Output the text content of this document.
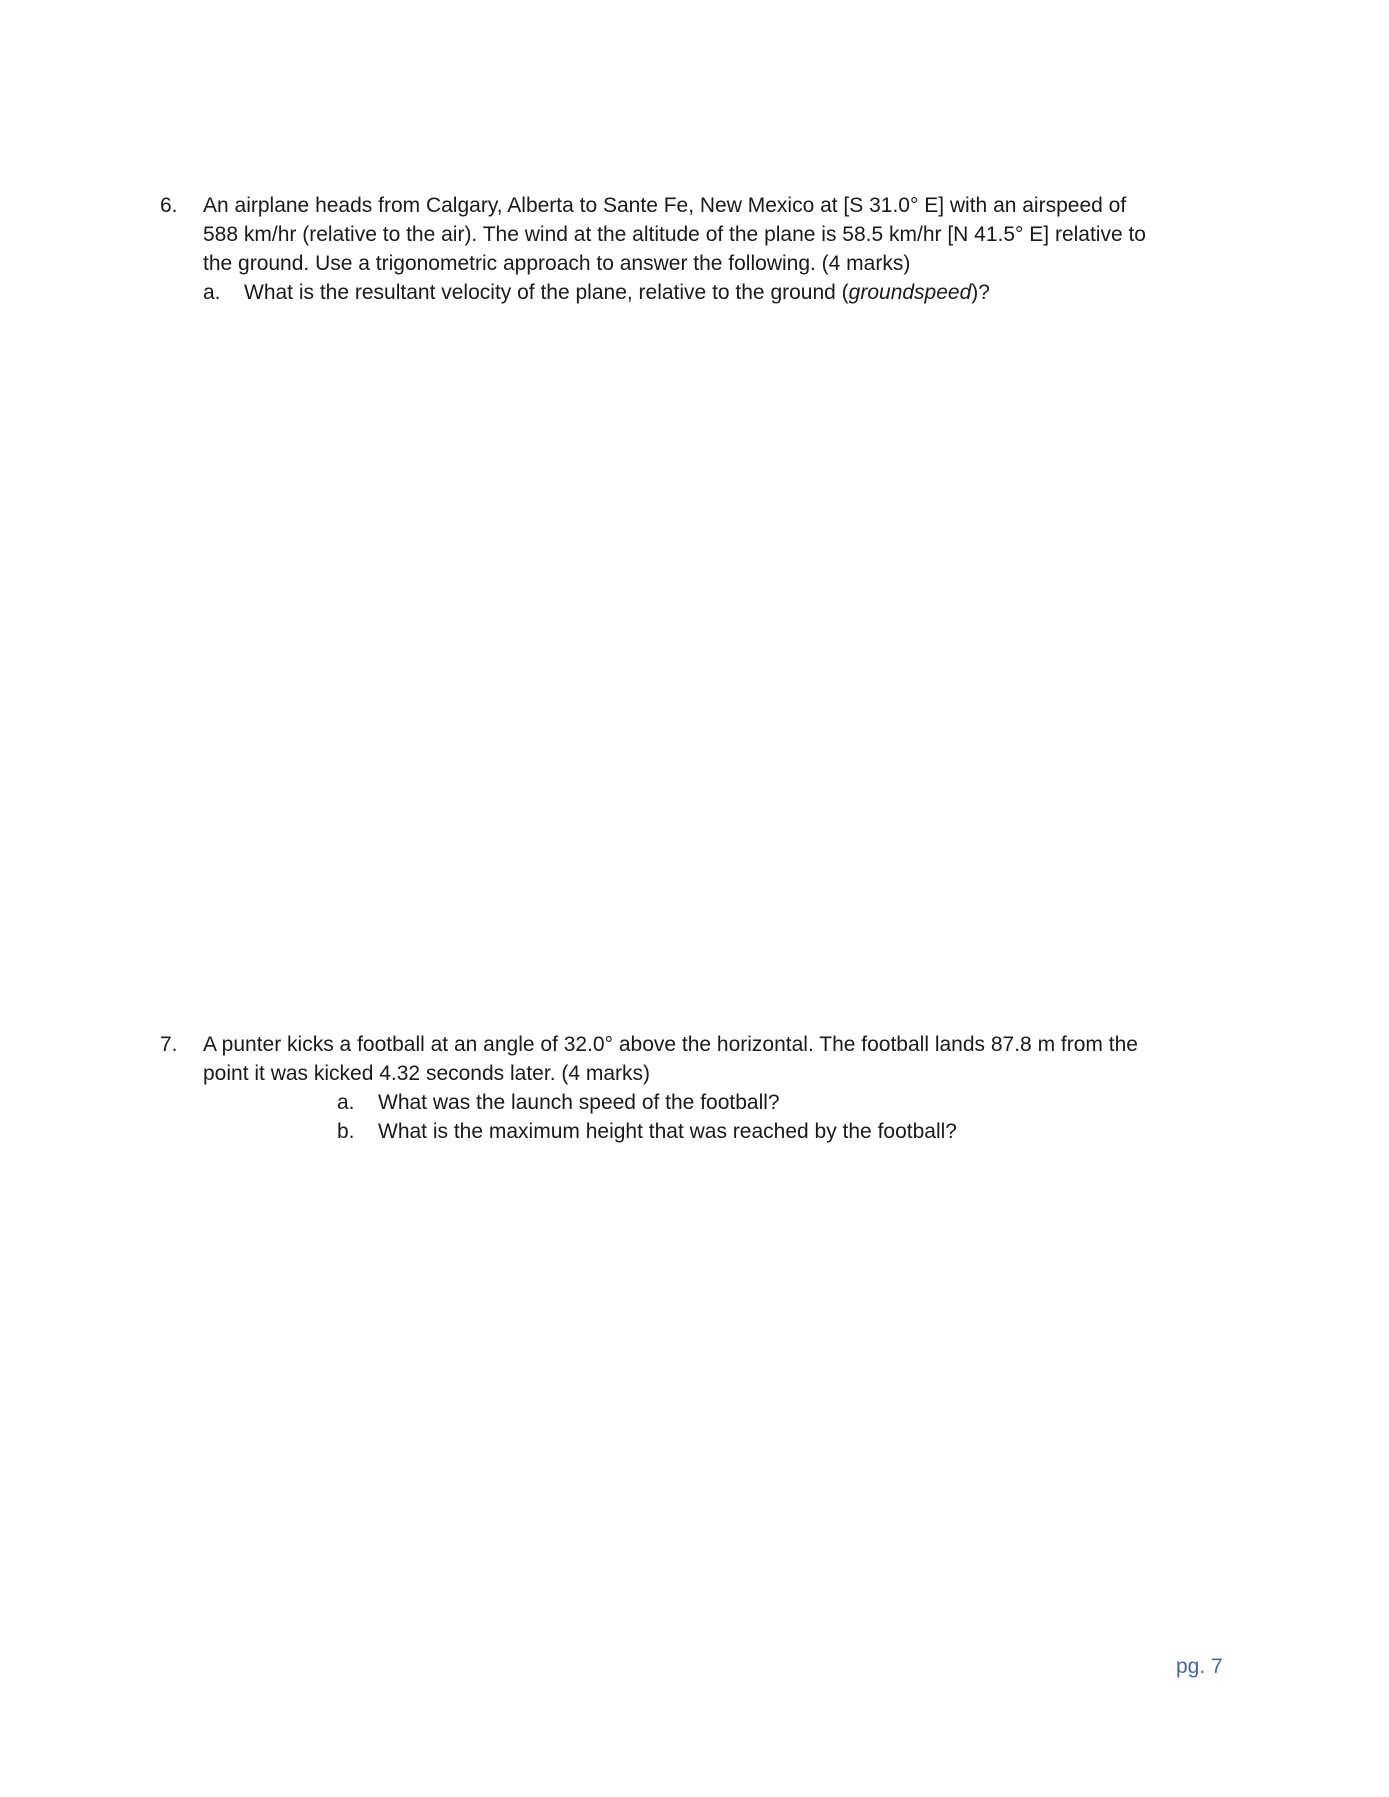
6.	An airplane heads from Calgary, Alberta to Sante Fe, New Mexico at [S 31.0° E] with an airspeed of
588 km/hr (relative to the air). The wind at the altitude of the plane is 58.5 km/hr [N 41.5° E] relative to
the ground. Use a trigonometric approach to answer the following. (4 marks)
a. What is the resultant velocity of the plane, relative to the ground (groundspeed)?
7.	A punter kicks a football at an angle of 32.0° above the horizontal. The football lands 87.8 m from the
point it was kicked 4.32 seconds later. (4 marks)
a. What was the launch speed of the football?
b. What is the maximum height that was reached by the football?
pg. 7
